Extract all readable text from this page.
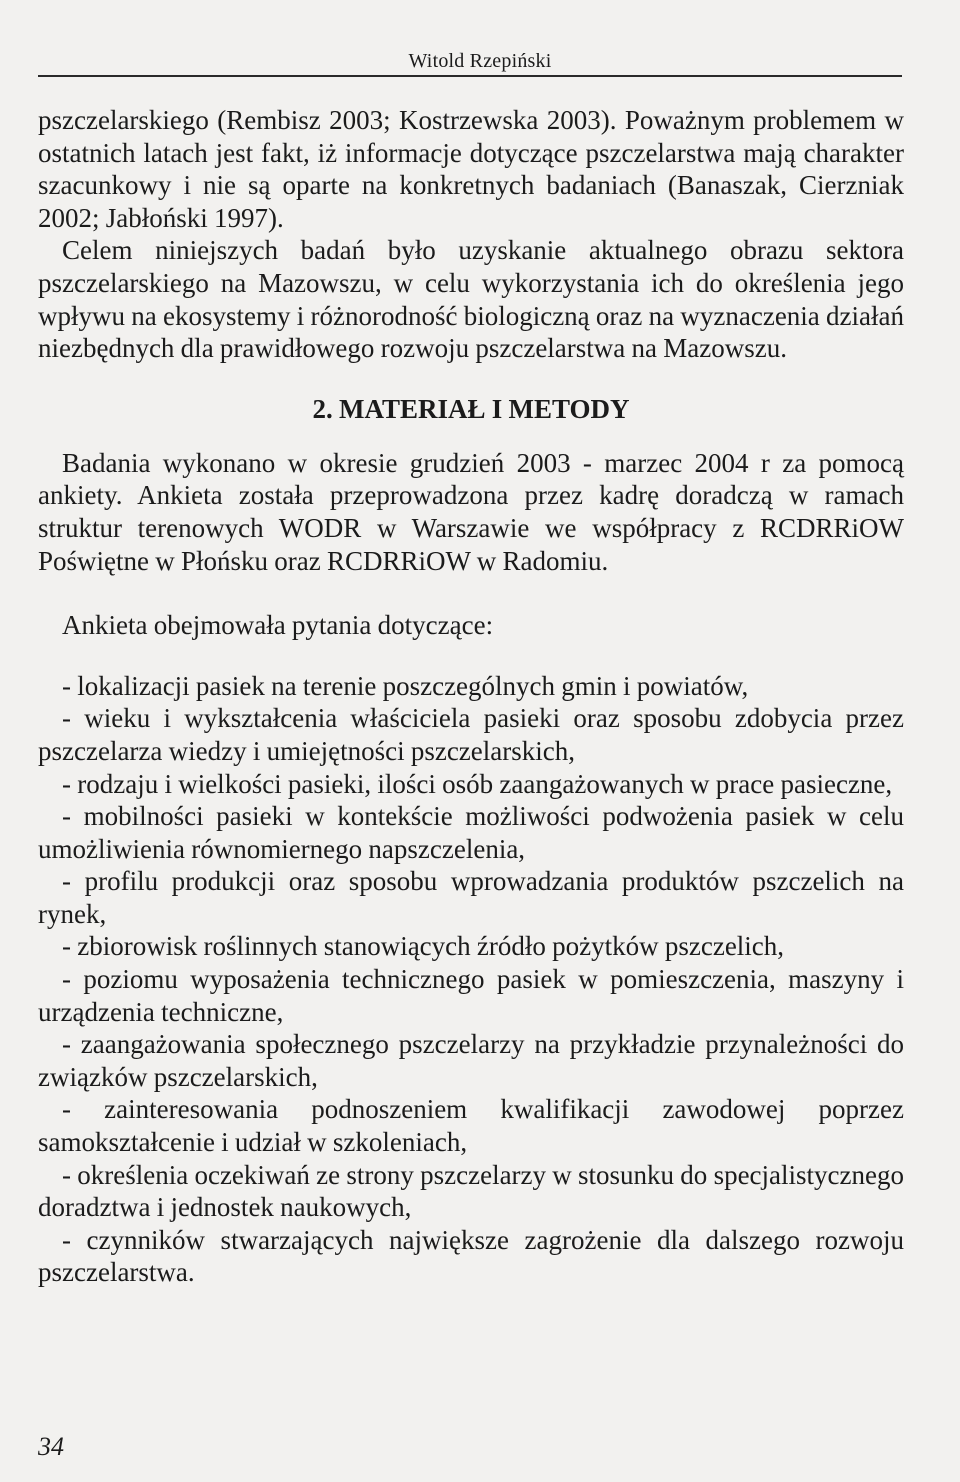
Witold Rzepiński

pszczelarskiego (Rembisz 2003; Kostrzewska 2003). Poważnym problemem w ostatnich latach jest fakt, iż informacje dotyczące pszczelarstwa mają charakter szacunkowy i nie są oparte na konkretnych badaniach (Banaszak, Cierzniak 2002; Jabłoński 1997).

Celem niniejszych badań było uzyskanie aktualnego obrazu sektora pszczelarskiego na Mazowszu, w celu wykorzystania ich do określenia jego wpływu na ekosystemy i różnorodność biologiczną oraz na wyznaczenia działań niezbędnych dla prawidłowego rozwoju pszczelarstwa na Mazowszu.

2. MATERIAŁ I METODY

Badania wykonano w okresie grudzień 2003 - marzec 2004 r za pomocą ankiety. Ankieta została przeprowadzona przez kadrę doradczą w ramach struktur terenowych WODR w Warszawie we współpracy z RCDRRiOW Poświętne w Płońsku oraz RCDRRiOW w Radomiu.

Ankieta obejmowała pytania dotyczące:

- lokalizacji pasiek na terenie poszczególnych gmin i powiatów,
- wieku i wykształcenia właściciela pasieki oraz sposobu zdobycia przez pszczelarza wiedzy i umiejętności pszczelarskich,
- rodzaju i wielkości pasieki, ilości osób zaangażowanych w prace pasieczne,
- mobilności pasieki w kontekście możliwości podwożenia pasiek w celu umożliwienia równomiernego napszczelenia,
- profilu produkcji oraz sposobu wprowadzania produktów pszczelich na rynek,
- zbiorowisk roślinnych stanowiących źródło pożytków pszczelich,
- poziomu wyposażenia technicznego pasiek w pomieszczenia, maszyny i urządzenia techniczne,
- zaangażowania społecznego pszczelarzy na przykładzie przynależności do związków pszczelarskich,
- zainteresowania podnoszeniem kwalifikacji zawodowej poprzez samokształcenie i udział w szkoleniach,
- określenia oczekiwań ze strony pszczelarzy w stosunku do specjalistycznego doradztwa i jednostek naukowych,
- czynników stwarzających największe zagrożenie dla dalszego rozwoju pszczelarstwa.
34
